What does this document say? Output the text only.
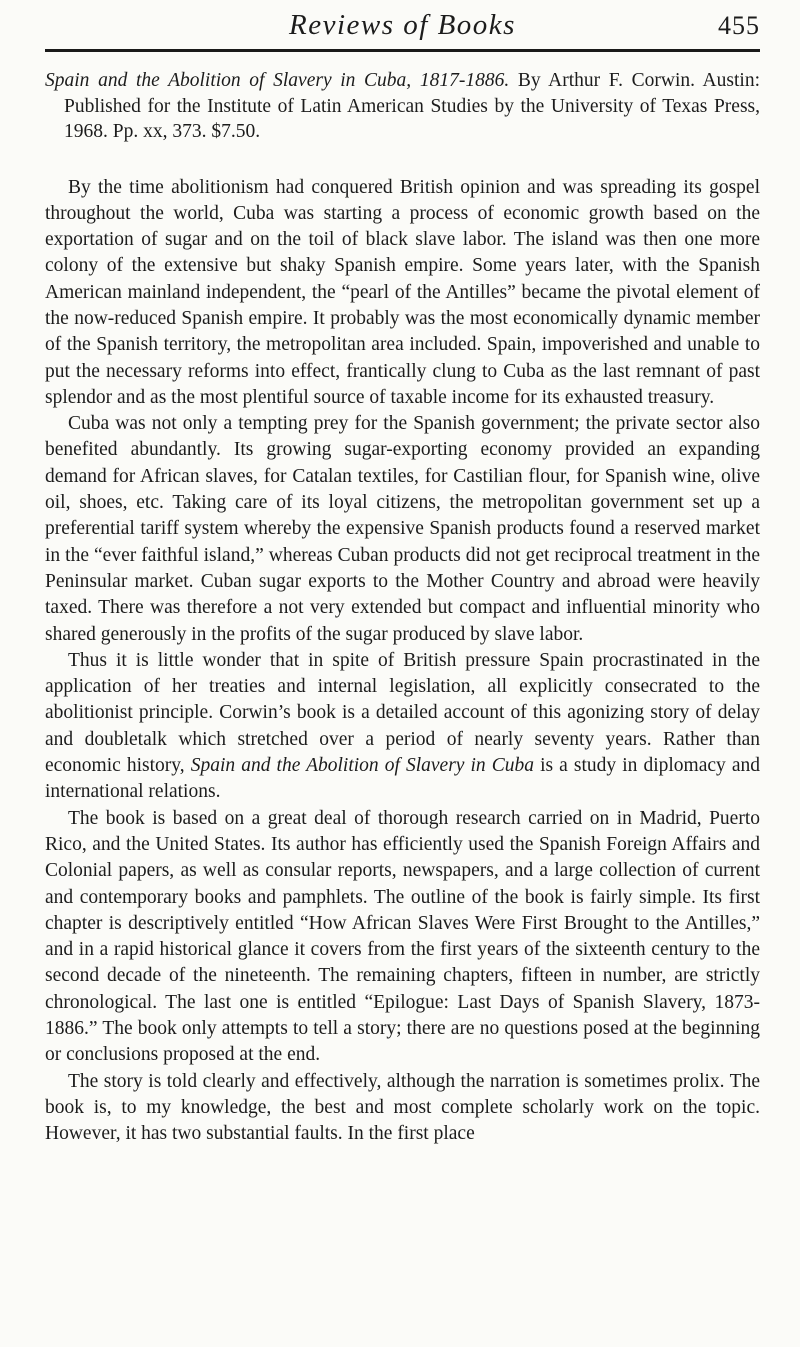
Reviews of Books	455
Spain and the Abolition of Slavery in Cuba, 1817-1886. By Arthur F. Corwin. Austin: Published for the Institute of Latin American Studies by the University of Texas Press, 1968. Pp. xx, 373. $7.50.

By the time abolitionism had conquered British opinion and was spreading its gospel throughout the world, Cuba was starting a process of economic growth based on the exportation of sugar and on the toil of black slave labor. The island was then one more colony of the extensive but shaky Spanish empire. Some years later, with the Spanish American mainland independent, the “pearl of the Antilles” became the pivotal element of the now-reduced Spanish empire. It probably was the most economically dynamic member of the Spanish territory, the metropolitan area included. Spain, impoverished and unable to put the necessary reforms into effect, frantically clung to Cuba as the last remnant of past splendor and as the most plentiful source of taxable income for its exhausted treasury.

Cuba was not only a tempting prey for the Spanish government; the private sector also benefited abundantly. Its growing sugar-exporting economy provided an expanding demand for African slaves, for Catalan textiles, for Castilian flour, for Spanish wine, olive oil, shoes, etc. Taking care of its loyal citizens, the metropolitan government set up a preferential tariff system whereby the expensive Spanish products found a reserved market in the “ever faithful island,” whereas Cuban products did not get reciprocal treatment in the Peninsular market. Cuban sugar exports to the Mother Country and abroad were heavily taxed. There was therefore a not very extended but compact and influential minority who shared generously in the profits of the sugar produced by slave labor.

Thus it is little wonder that in spite of British pressure Spain procrastinated in the application of her treaties and internal legislation, all explicitly consecrated to the abolitionist principle. Corwin’s book is a detailed account of this agonizing story of delay and doubletalk which stretched over a period of nearly seventy years. Rather than economic history, Spain and the Abolition of Slavery in Cuba is a study in diplomacy and international relations.

The book is based on a great deal of thorough research carried on in Madrid, Puerto Rico, and the United States. Its author has efficiently used the Spanish Foreign Affairs and Colonial papers, as well as consular reports, newspapers, and a large collection of current and contemporary books and pamphlets. The outline of the book is fairly simple. Its first chapter is descriptively entitled “How African Slaves Were First Brought to the Antilles,” and in a rapid historical glance it covers from the first years of the sixteenth century to the second decade of the nineteenth. The remaining chapters, fifteen in number, are strictly chronological. The last one is entitled “Epilogue: Last Days of Spanish Slavery, 1873-1886.” The book only attempts to tell a story; there are no questions posed at the beginning or conclusions proposed at the end.

The story is told clearly and effectively, although the narration is sometimes prolix. The book is, to my knowledge, the best and most complete scholarly work on the topic. However, it has two substantial faults. In the first place
